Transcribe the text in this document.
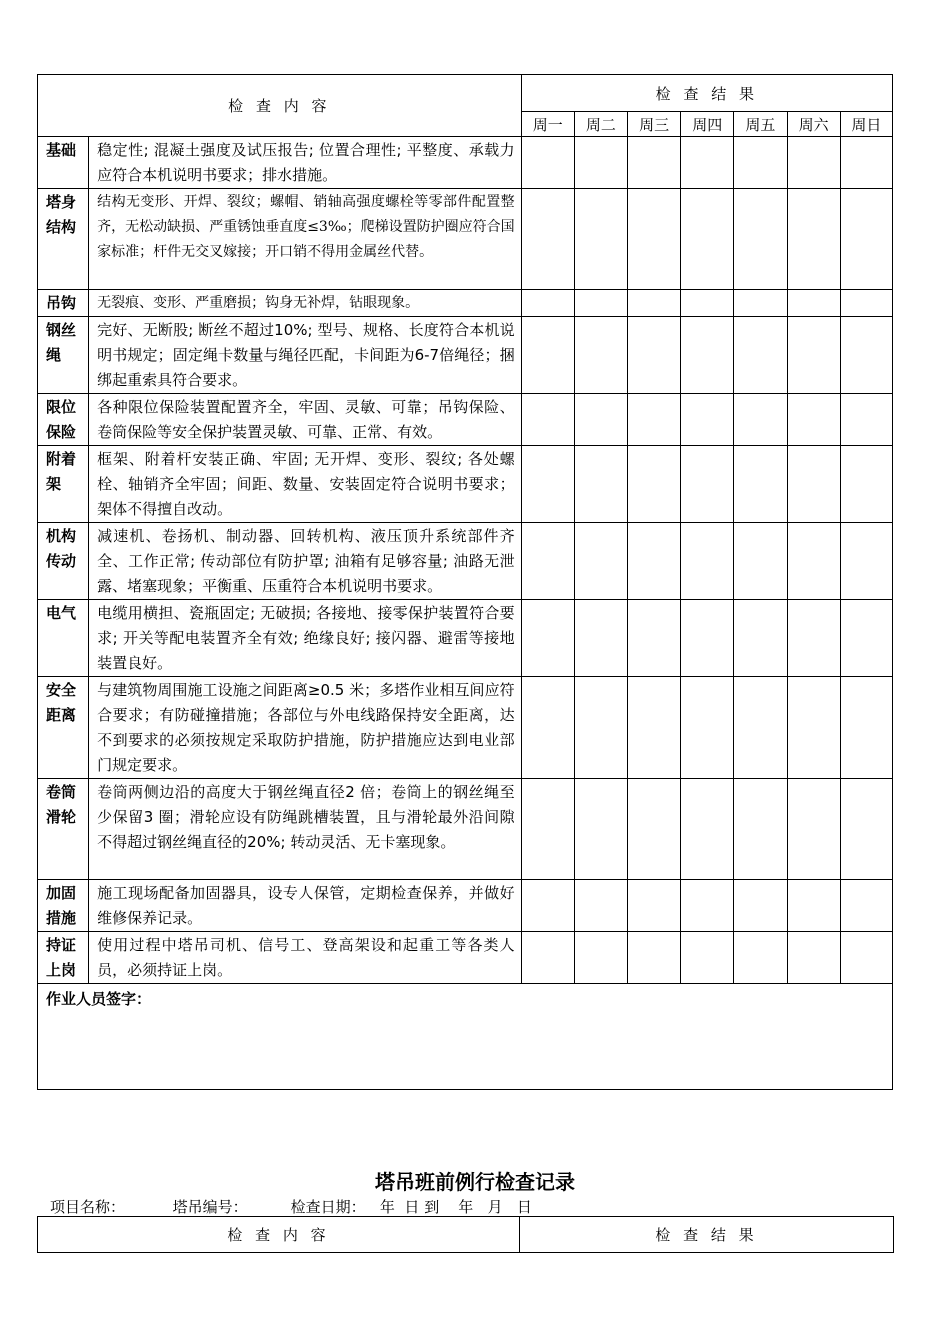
检 查 内 容		检 查 结 果						
		周一	周二	周三	周四	周五	周六	周日
基础	稳定性; 混凝土强度及试压报告; 位置合理性; 平整度、承载力应符合本机说明书要求；排水措施。							
塔身结构	结构无变形、开焊、裂纹；螺帽、销轴高强度螺栓等零部件配置整齐，无松动缺损、严重锈蚀垂直度≤3‰；爬梯设置防护圈应符合国家标准；杆件无交叉嫁接；开口销不得用金属丝代替。							
吊钩	无裂痕、变形、严重磨损；钩身无补焊，钻眼现象。							
钢丝绳	完好、无断股; 断丝不超过10%; 型号、规格、长度符合本机说明书规定；固定绳卡数量与绳径匹配，卡间距为6-7倍绳径；捆绑起重索具符合要求。							
限位保险	各种限位保险装置配置齐全，牢固、灵敏、可靠；吊钩保险、卷筒保险等安全保护装置灵敏、可靠、正常、有效。							
附着架	框架、附着杆安装正确、牢固; 无开焊、变形、裂纹; 各处螺栓、轴销齐全牢固；间距、数量、安装固定符合说明书要求；架体不得擅自改动。							
机构传动	减速机、卷扬机、制动器、回转机构、液压顶升系统部件齐全、工作正常; 传动部位有防护罩; 油箱有足够容量; 油路无泄露、堵塞现象；平衡重、压重符合本机说明书要求。							
电气	电缆用横担、瓷瓶固定; 无破损; 各接地、接零保护装置符合要求; 开关等配电装置齐全有效; 绝缘良好; 接闪器、避雷等接地装置良好。							
安全距离	与建筑物周围施工设施之间距离≥0.5 米；多塔作业相互间应符合要求；有防碰撞措施；各部位与外电线路保持安全距离，达不到要求的必须按规定采取防护措施，防护措施应达到电业部门规定要求。							
卷筒滑轮	卷筒两侧边沿的高度大于钢丝绳直径2 倍；卷筒上的钢丝绳至少保留3 圈；滑轮应设有防绳跳槽装置，且与滑轮最外沿间隙不得超过钢丝绳直径的20%; 转动灵活、无卡塞现象。							
加固措施	施工现场配备加固器具，设专人保管，定期检查保养，并做好维修保养记录。							
持证上岗	使用过程中塔吊司机、信号工、登高架设和起重工等各类人员，必须持证上岗。							
作业人员签字：								
塔吊班前例行检查记录
项目名称：          塔吊编号：         检查日期：   年  日 到    年   月   日
检 查 内 容	检 查 结 果
